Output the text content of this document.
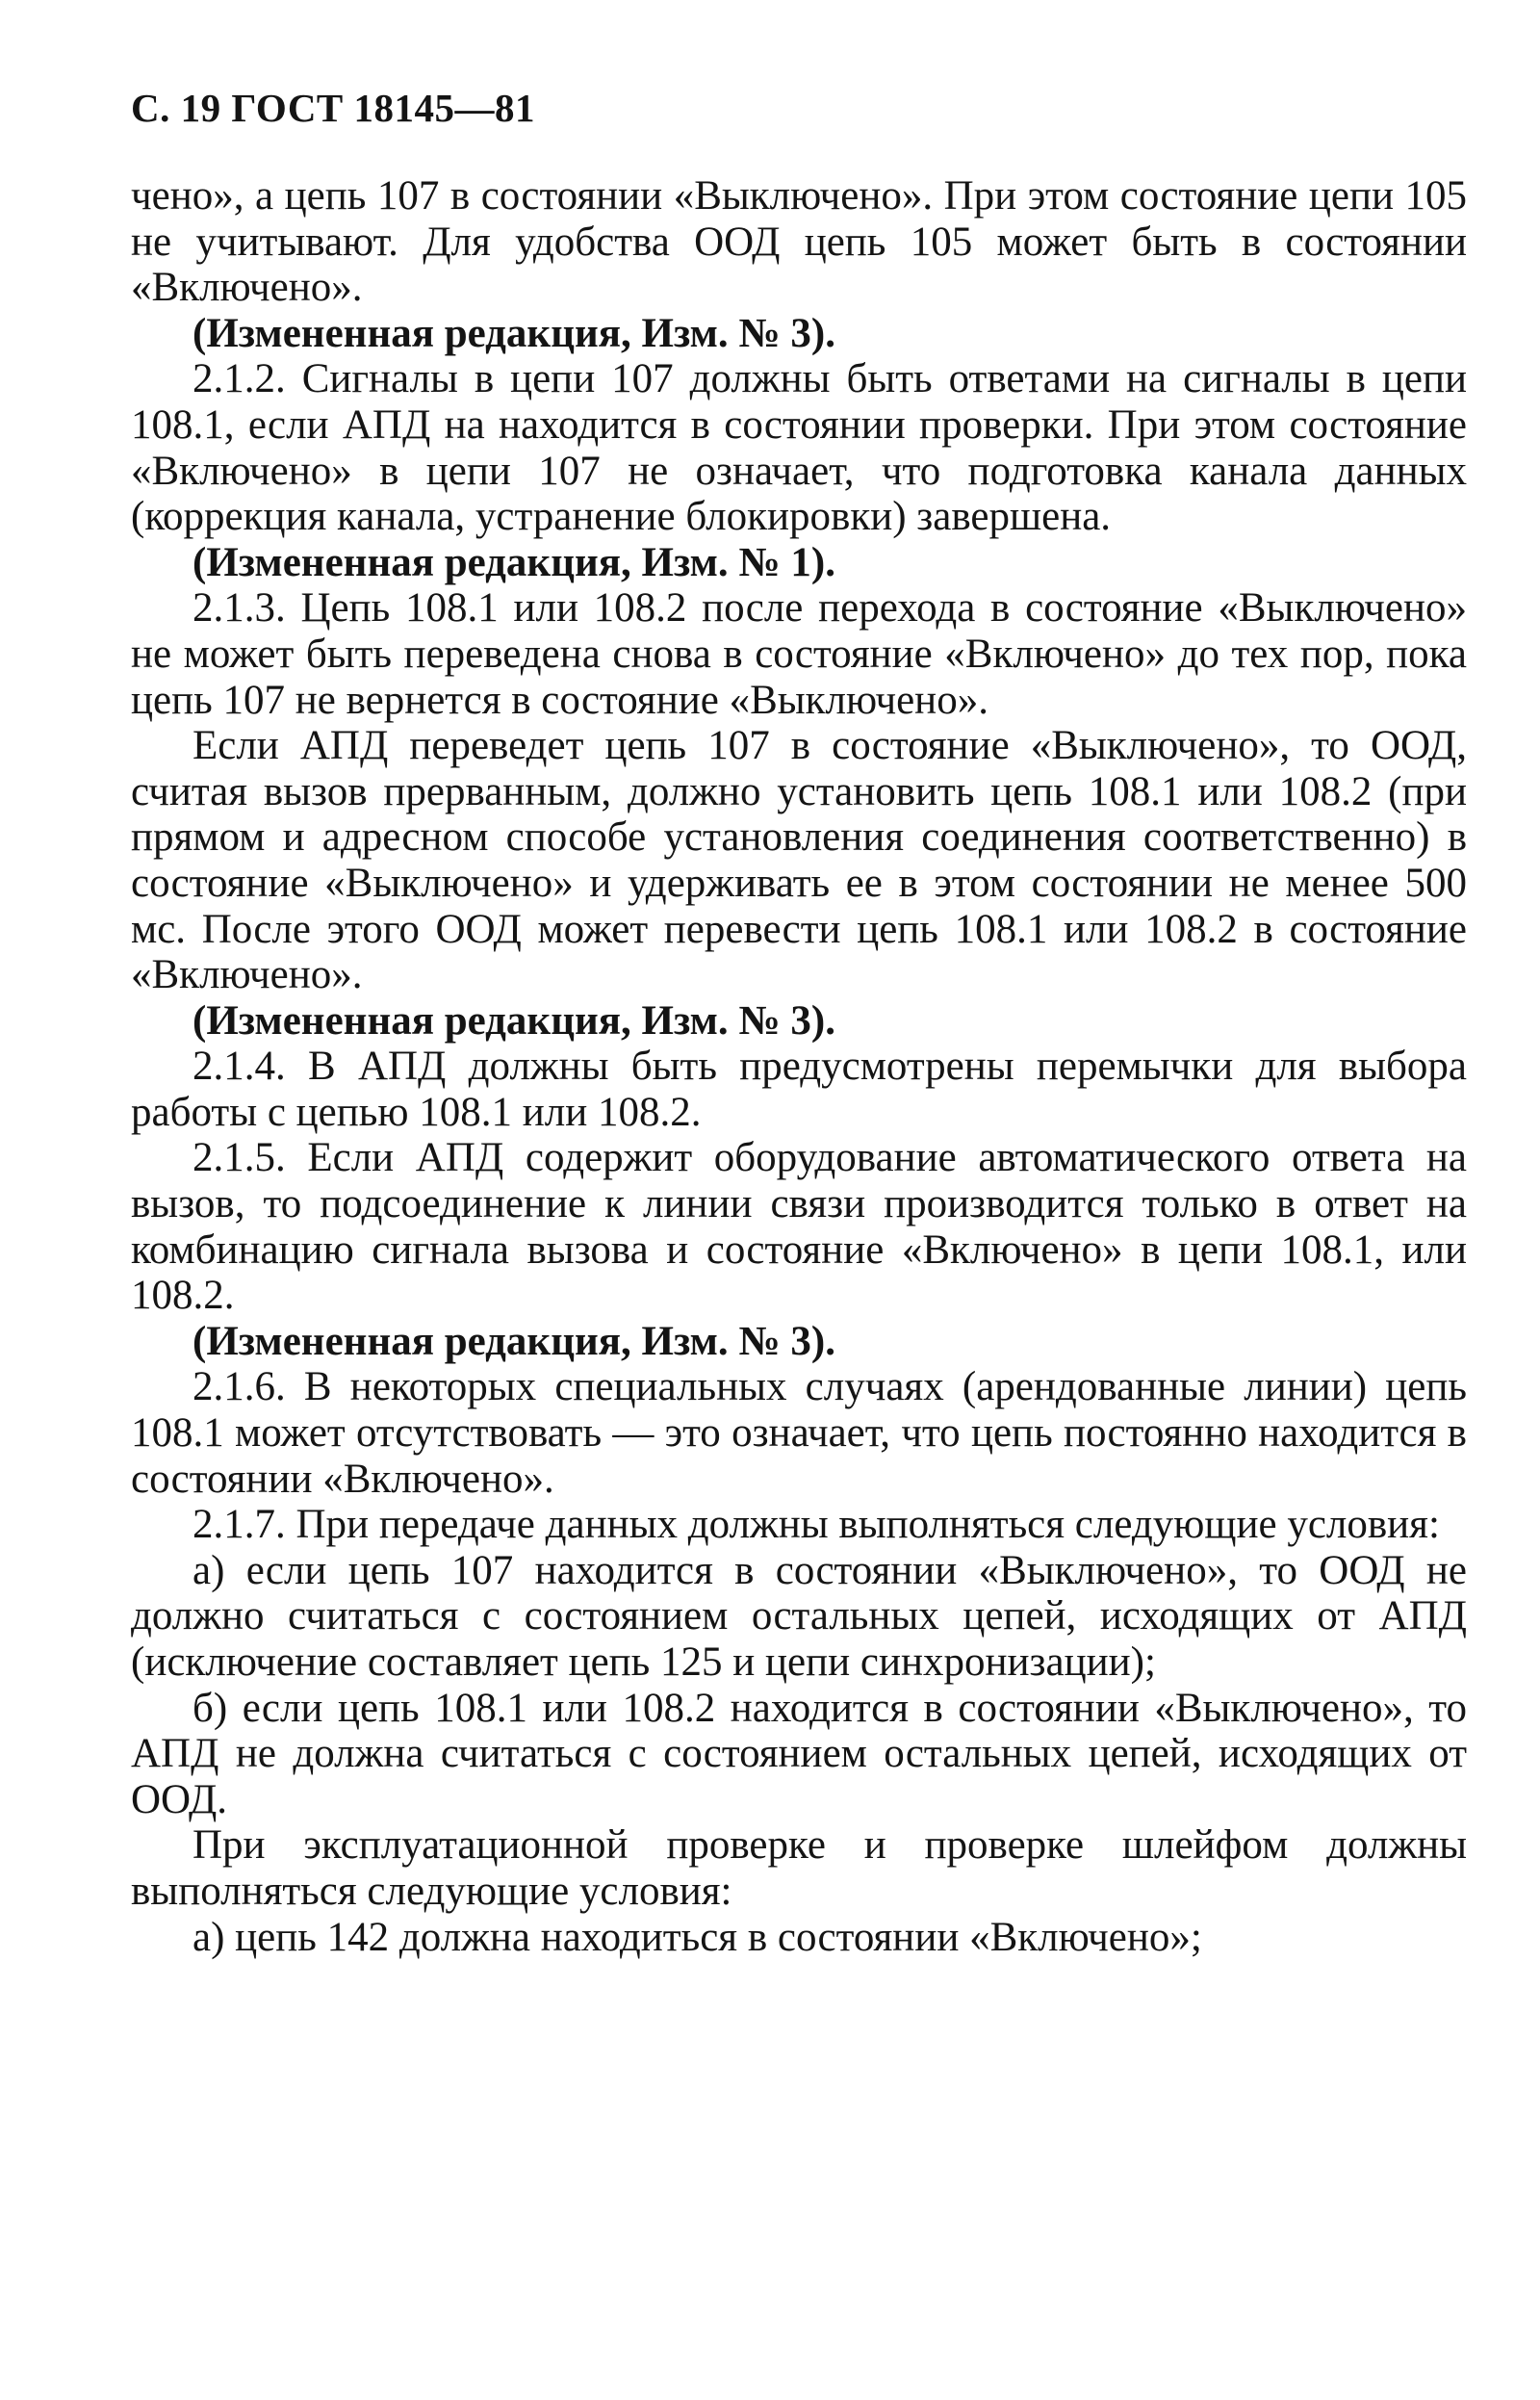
С. 19 ГОСТ 18145—81

чено», а цепь 107 в состоянии «Выключено». При этом состояние цепи 105 не учитывают. Для удобства ООД цепь 105 может быть в состоянии «Включено».

(Измененная редакция, Изм. № 3).

2.1.2. Сигналы в цепи 107 должны быть ответами на сигналы в цепи 108.1, если АПД на находится в состоянии проверки. При этом состояние «Включено» в цепи 107 не означает, что подготовка канала данных (коррекция канала, устранение блокировки) завершена.

(Измененная редакция, Изм. № 1).

2.1.3. Цепь 108.1 или 108.2 после перехода в состояние «Выключено» не может быть переведена снова в состояние «Включено» до тех пор, пока цепь 107 не вернется в состояние «Выключено».

Если АПД переведет цепь 107 в состояние «Выключено», то ООД, считая вызов прерванным, должно установить цепь 108.1 или 108.2 (при прямом и адресном способе установления соединения соответственно) в состояние «Выключено» и удерживать ее в этом состоянии не менее 500 мс. После этого ООД может перевести цепь 108.1 или 108.2 в состояние «Включено».

(Измененная редакция, Изм. № 3).

2.1.4. В АПД должны быть предусмотрены перемычки для выбора работы с цепью 108.1 или 108.2.

2.1.5. Если АПД содержит оборудование автоматического ответа на вызов, то подсоединение к линии связи производится только в ответ на комбинацию сигнала вызова и состояние «Включено» в цепи 108.1, или 108.2.

(Измененная редакция, Изм. № 3).

2.1.6. В некоторых специальных случаях (арендованные линии) цепь 108.1 может отсутствовать — это означает, что цепь постоянно находится в состоянии «Включено».

2.1.7. При передаче данных должны выполняться следующие условия:

а) если цепь 107 находится в состоянии «Выключено», то ООД не должно считаться с состоянием остальных цепей, исходящих от АПД (исключение составляет цепь 125 и цепи синхронизации);

б) если цепь 108.1 или 108.2 находится в состоянии «Выключено», то АПД не должна считаться с состоянием остальных цепей, исходящих от ООД.

При эксплуатационной проверке и проверке шлейфом должны выполняться следующие условия:

а) цепь 142 должна находиться в состоянии «Включено»;
